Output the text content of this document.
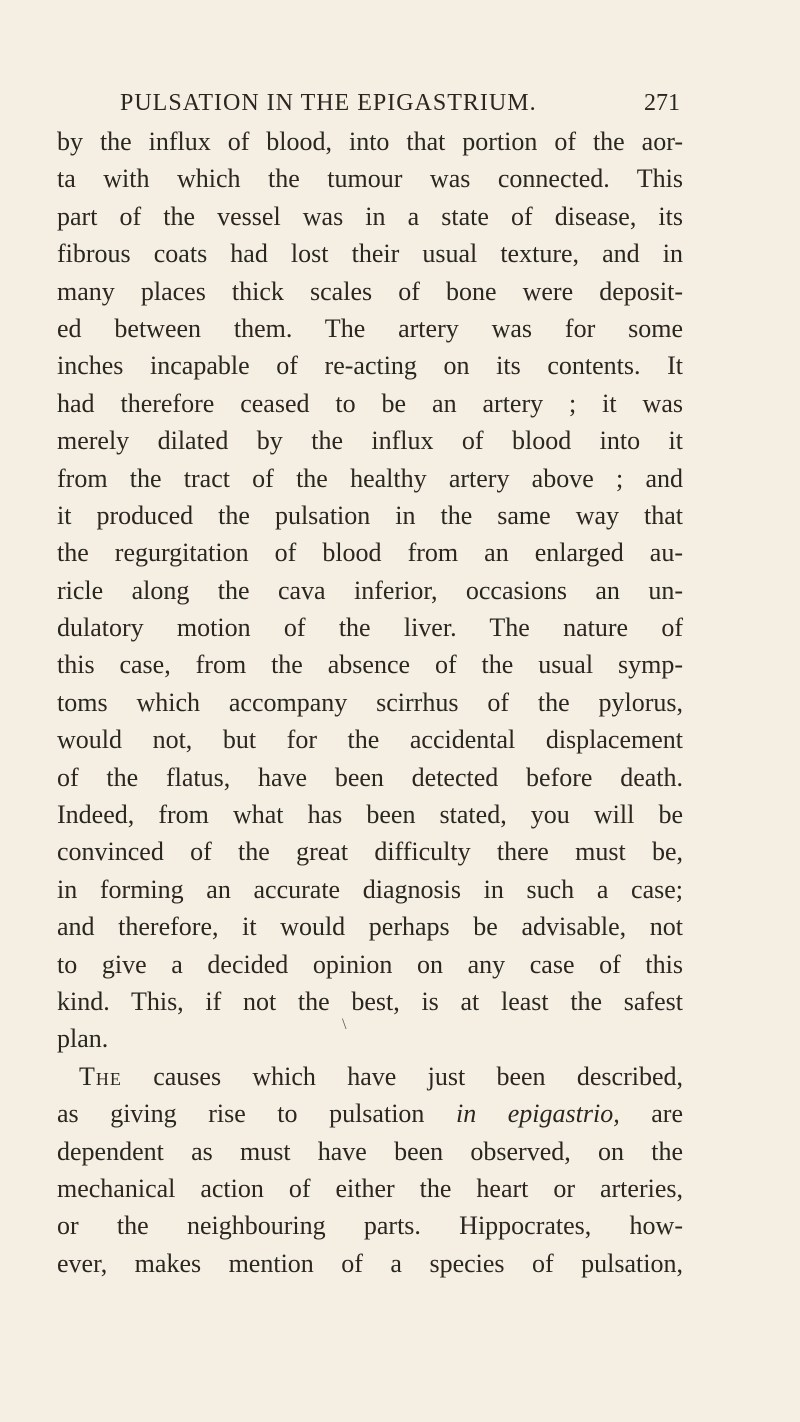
PULSATION IN THE EPIGASTRIUM.	271
by the influx of blood, into that portion of the aor-
ta with which the tumour was connected. This
part of the vessel was in a state of disease, its
fibrous coats had lost their usual texture, and in
many places thick scales of bone were deposit-
ed between them. The artery was for some
inches incapable of re-acting on its contents. It
had therefore ceased to be an artery ; it was
merely dilated by the influx of blood into it
from the tract of the healthy artery above ; and
it produced the pulsation in the same way that
the regurgitation of blood from an enlarged au-
ricle along the cava inferior, occasions an un-
dulatory motion of the liver. The nature of
this case, from the absence of the usual symp-
toms which accompany scirrhus of the pylorus,
would not, but for the accidental displacement
of the flatus, have been detected before death.
Indeed, from what has been stated, you will be
convinced of the great difficulty there must be,
in forming an accurate diagnosis in such a case;
and therefore, it would perhaps be advisable, not
to give a decided opinion on any case of this
kind. This, if not the best, is at least the safest
plan.
The causes which have just been described,
as giving rise to pulsation in epigastrio, are
dependent as must have been observed, on the
mechanical action of either the heart or arteries,
or the neighbouring parts. Hippocrates, how-
ever, makes mention of a species of pulsation,
\
